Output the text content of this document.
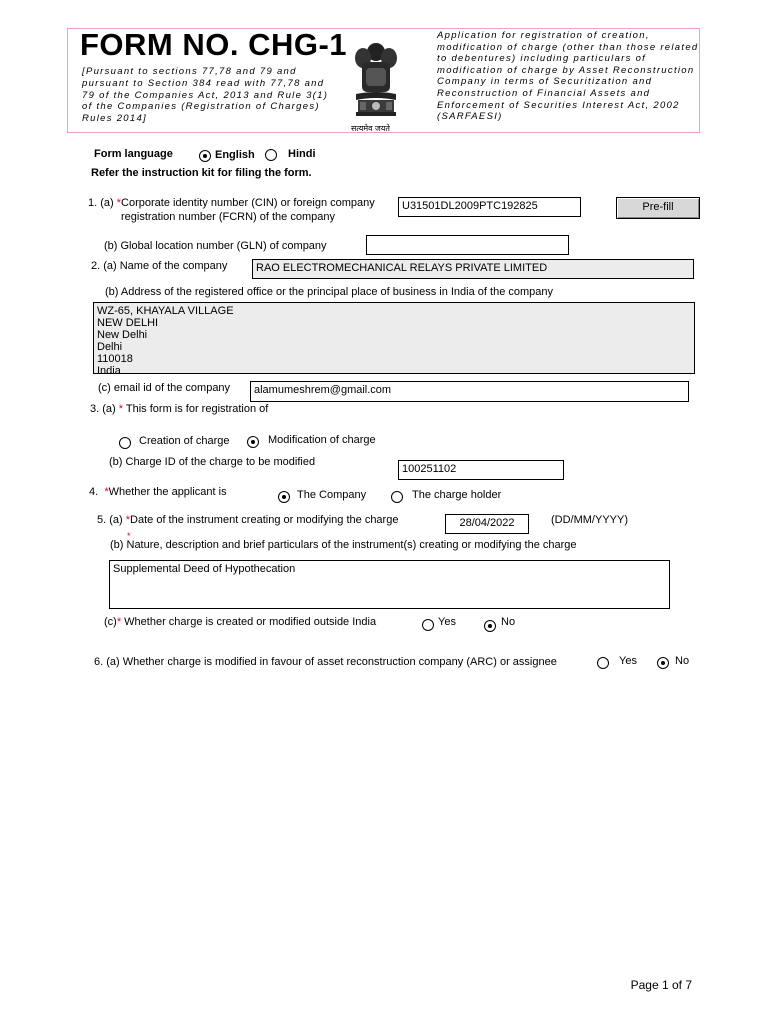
FORM NO. CHG-1
[Pursuant to sections 77,78 and 79 and pursuant to Section 384 read with 77,78 and 79 of the Companies Act, 2013 and Rule 3(1) of the Companies (Registration of Charges) Rules 2014]
Application for registration of creation, modification of charge (other than those related to debentures) including particulars of modification of charge by Asset Reconstruction Company in terms of Securitization and Reconstruction of Financial Assets and Enforcement of Securities Interest Act, 2002 (SARFAESI)
सत्यमेव जयते
Form language	English	Hindi
Refer the instruction kit for filing the form.
1. (a) *Corporate identity number (CIN) or foreign company
registration number (FCRN) of the company
U31501DL2009PTC192825	Pre-fill
(b) Global location number (GLN) of company
2. (a) Name of the company	RAO ELECTROMECHANICAL RELAYS PRIVATE LIMITED
(b) Address of the registered office or the principal place of business in India of the company
WZ-65, KHAYALA VILLAGE
NEW DELHI
New Delhi
Delhi
110018
India
(c) email id of the company	alamumeshrem@gmail.com
3. (a) * This form is for registration of
Creation of charge	Modification of charge
(b) Charge ID of the charge to be modified
100251102
4. *Whether the applicant is	The Company	The charge holder
5. (a) *Date of the instrument creating or modifying the charge	28/04/2022	(DD/MM/YYYY)
*
(b) Nature, description and brief particulars of the instrument(s) creating or modifying the charge
Supplemental Deed of Hypothecation
(c)* Whether charge is created or modified outside India	Yes	No
6. (a) Whether charge is modified in favour of asset reconstruction company (ARC) or assignee	Yes	No
Page 1 of 7
